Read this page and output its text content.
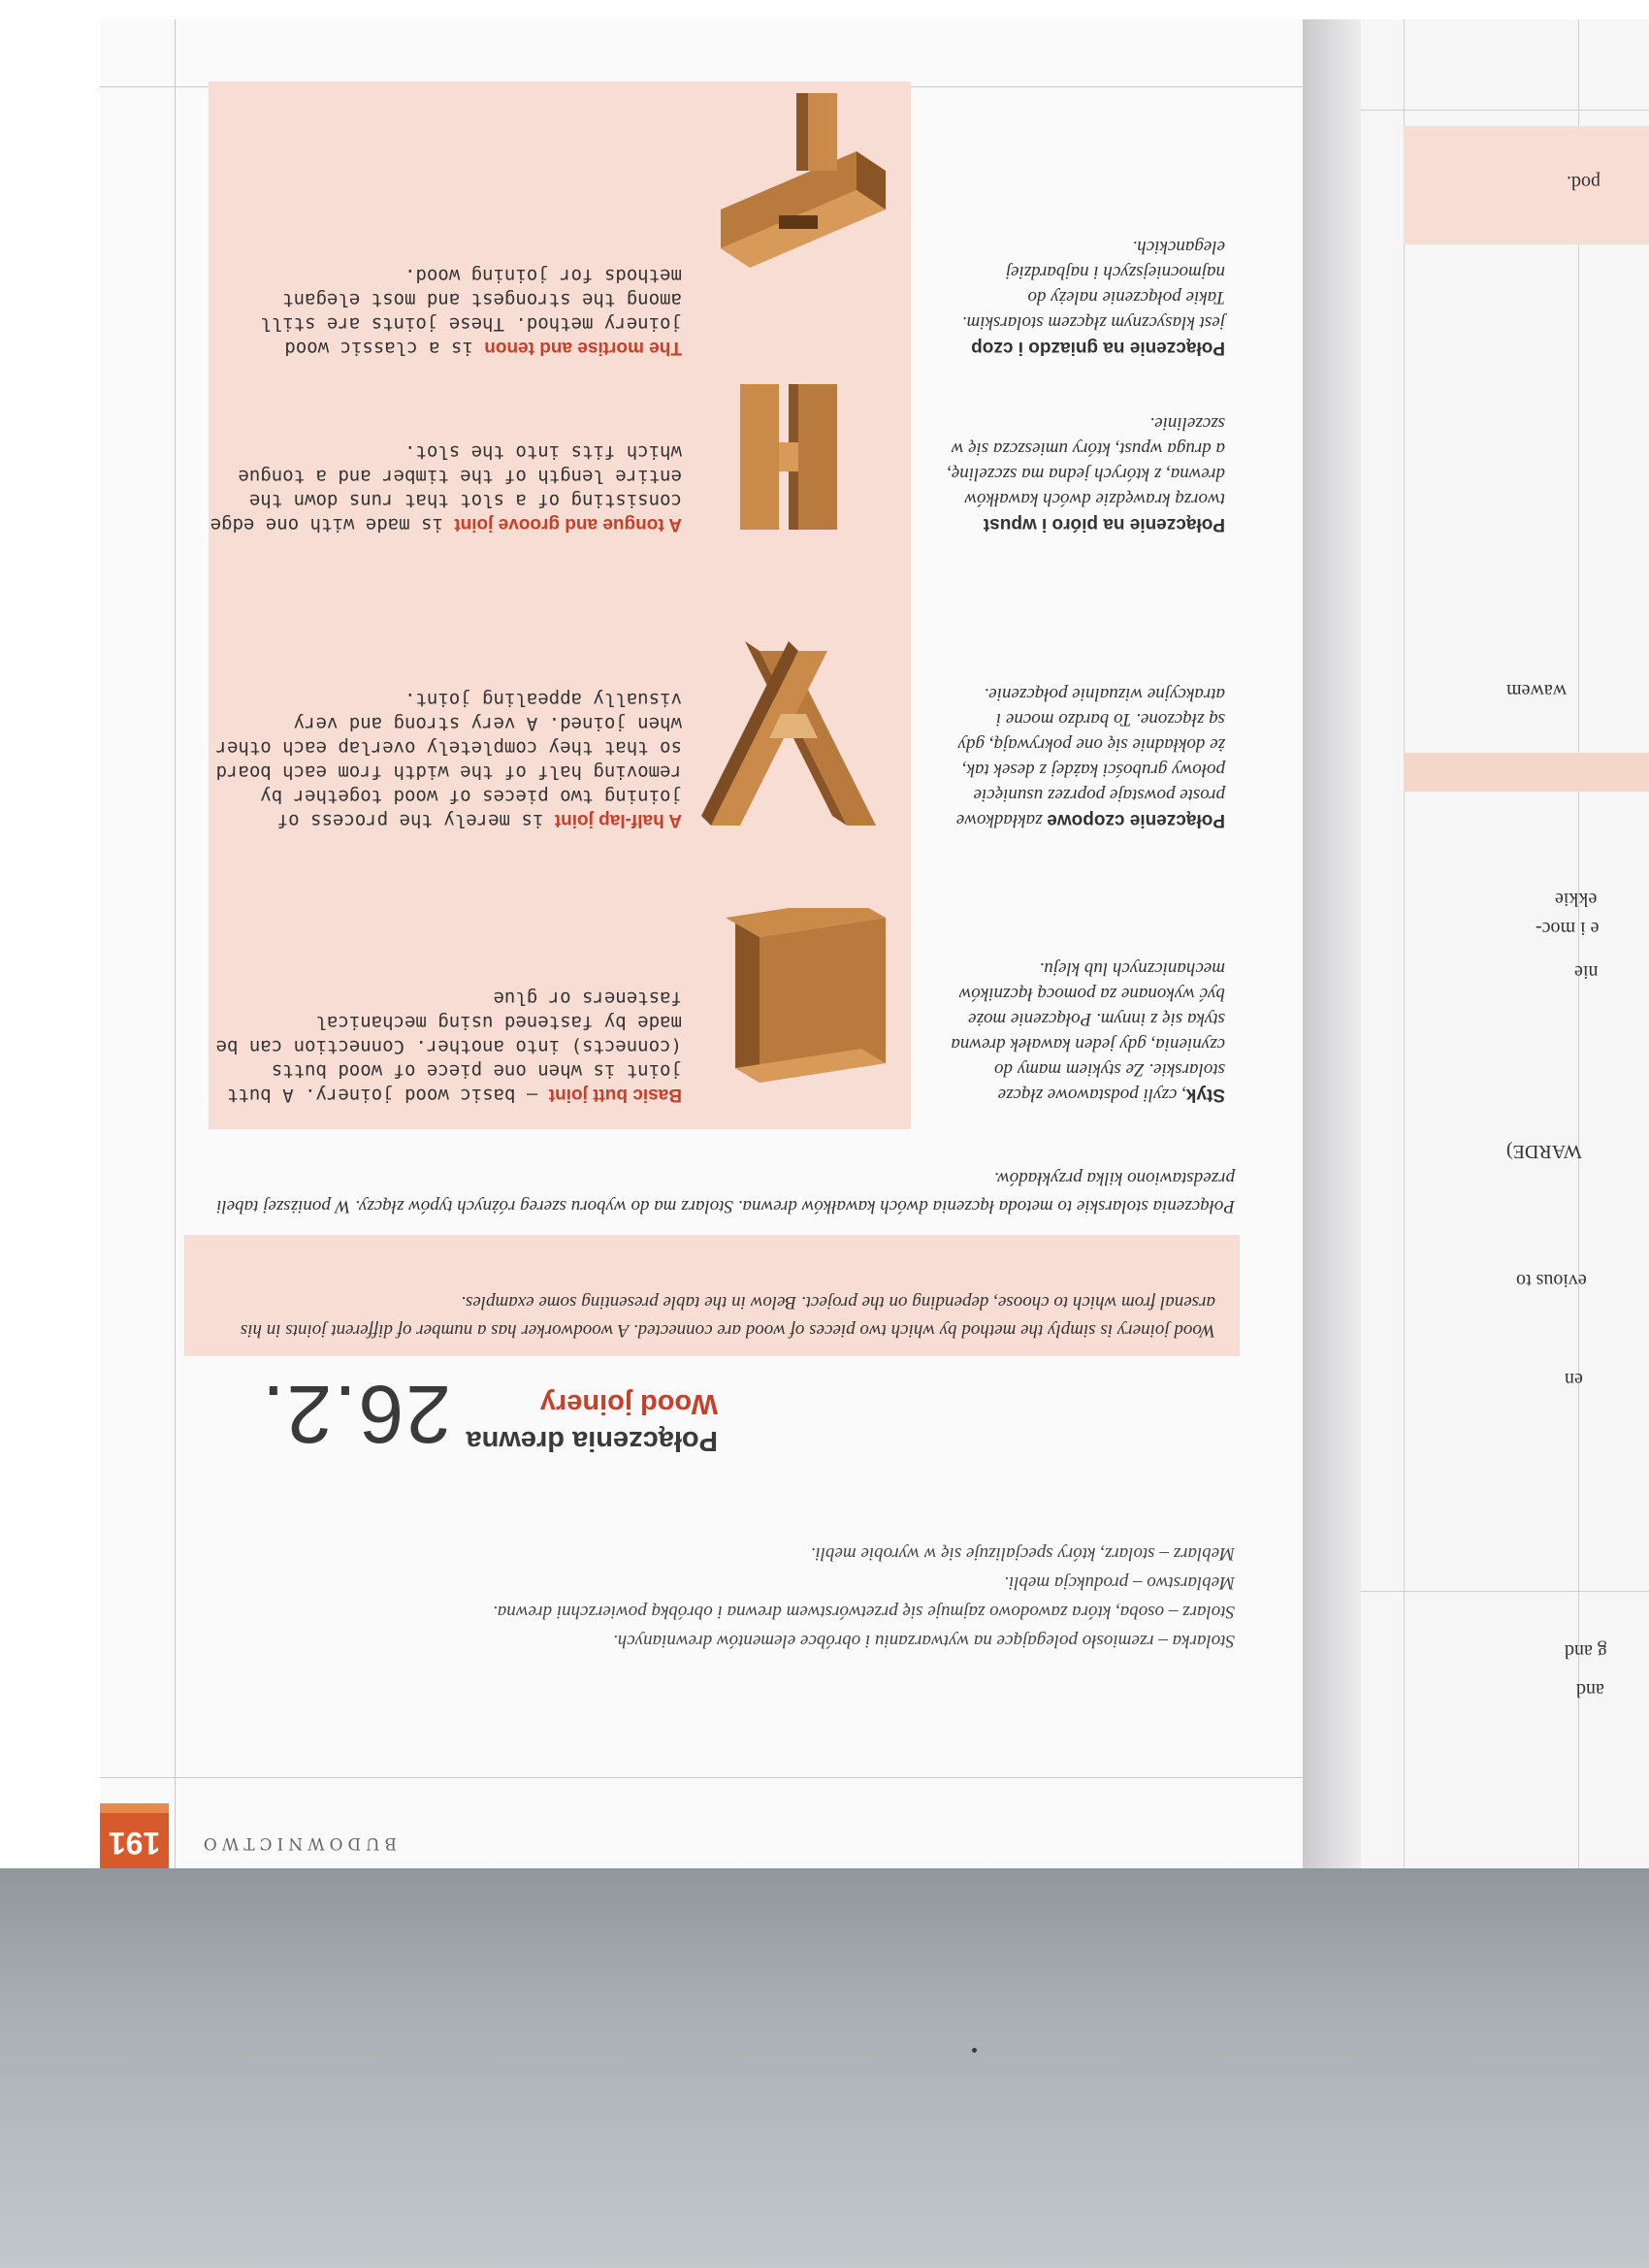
191	BUDOWNICTWO
Stolarka – rzemiosło polegające na wytwarzaniu i obróbce elementów drewnianych.
Stolarz – osoba, która zawodowo zajmuje się przetwórstwem drewna i obróbką powierzchni drewna.
Meblarstwo – produkcja mebli.
Meblarz – stolarz, który specjalizuje się w wyrobie mebli.
26.2. Połączenia drewna
Wood joinery
Wood joinery is simply the method by which two pieces of wood are connected. A woodworker has a number of different joints in his arsenal from which to choose, depending on the project. Below in the table presenting some examples.
Połączenia stolarskie to metoda łączenia dwóch kawałków drewna. Stolarz ma do wyboru szereg różnych typów złączy. W poniższej tabeli przedstawiono kilka przykładów.
Basic butt joint – basic wood joinery. A butt joint is when one piece of wood butts (connects) into another. Connection can be made by fastened using mechanical fasteners or glue
A half-lap joint is merely the process of joining two pieces of wood together by removing half of the width from each board so that they completely overlap each other when joined. A very strong and very visually appealing joint.
A tongue and groove joint is made with one edge consisting of a slot that runs down the entire length of the timber and a tongue which fits into the slot.
The mortise and tenon is a classic wood joinery method. These joints are still among the strongest and most elegant methods for joining wood.
Styk, czyli podstawowe złącze stolarskie. Ze stykiem mamy do czynienia, gdy jeden kawałek drewna styka się z innym. Połączenie może być wykonane za pomocą łączników mechanicznych lub kleju.
Połączenie czopowe zakładkowe proste powstaje poprzez usunięcie połowy grubości każdej z desek tak, że dokładnie się one pokrywają, gdy są złączone. To bardzo mocne i atrakcyjne wizualnie połączenie.
Połączenie na pióro i wpust tworzą krawędzie dwóch kawałków drewna, z których jedna ma szczelinę, a druga wpust, który umieszcza się w szczelinie.
Połączenie na gniazdo i czop jest klasycznym złączem stolarskim. Takie połączenie należy do najmocniejszych i najbardziej eleganckich.
pod.
wawem
ekkie
e i moc-
nie
WARDE)
evious to
en
g and
and
